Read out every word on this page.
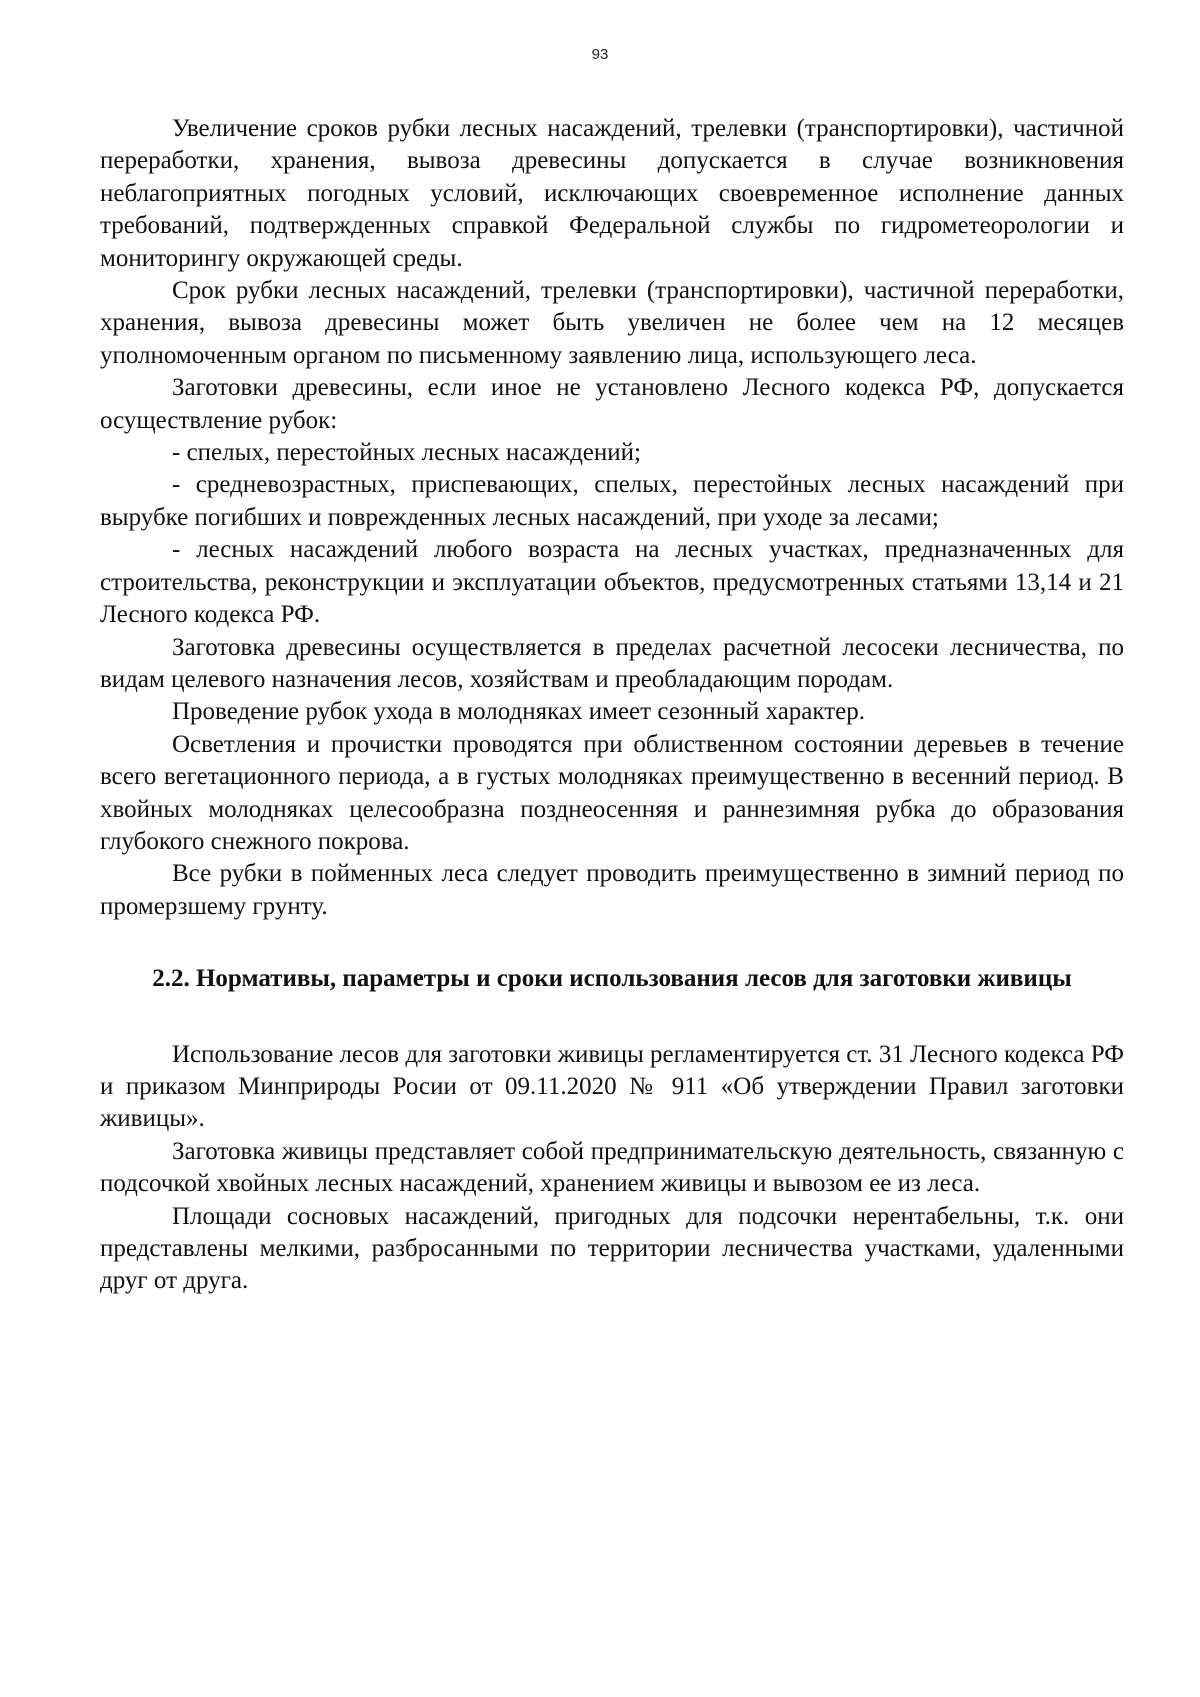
93

Увеличение сроков рубки лесных насаждений, трелевки (транспортировки), частичной переработки, хранения, вывоза древесины допускается в случае возникновения неблагоприятных погодных условий, исключающих своевременное исполнение данных требований, подтвержденных справкой Федеральной службы по гидрометеорологии и мониторингу окружающей среды.

Срок рубки лесных насаждений, трелевки (транспортировки), частичной переработки, хранения, вывоза древесины может быть увеличен не более чем на 12 месяцев уполномоченным органом по письменному заявлению лица, использующего леса.

Заготовки древесины, если иное не установлено Лесного кодекса РФ, допускается осуществление рубок:

- спелых, перестойных лесных насаждений;

- средневозрастных, приспевающих, спелых, перестойных лесных насаждений при вырубке погибших и поврежденных лесных насаждений, при уходе за лесами;

- лесных насаждений любого возраста на лесных участках, предназначенных для строительства, реконструкции и эксплуатации объектов, предусмотренных статьями 13,14 и 21 Лесного кодекса РФ.

Заготовка древесины осуществляется в пределах расчетной лесосеки лесничества, по видам целевого назначения лесов, хозяйствам и преобладающим породам.

Проведение рубок ухода в молодняках имеет сезонный характер.

Осветления и прочистки проводятся при облиственном состоянии деревьев в течение всего вегетационного периода, а в густых молодняках преимущественно в весенний период. В хвойных молодняках целесообразна позднеосенняя и раннезимняя рубка до образования глубокого снежного покрова.

Все рубки в пойменных леса следует проводить преимущественно в зимний период по промерзшему грунту.

2.2. Нормативы, параметры и сроки использования лесов для заготовки живицы

Использование лесов для заготовки живицы регламентируется ст. 31 Лесного кодекса РФ и приказом Минприроды Росии от 09.11.2020 № 911 «Об утверждении Правил заготовки живицы».

Заготовка живицы представляет собой предпринимательскую деятельность, связанную с подсочкой хвойных лесных насаждений, хранением живицы и вывозом ее из леса.

Площади сосновых насаждений, пригодных для подсочки нерентабельны, т.к. они представлены мелкими, разбросанными по территории лесничества участками, удаленными друг от друга.
